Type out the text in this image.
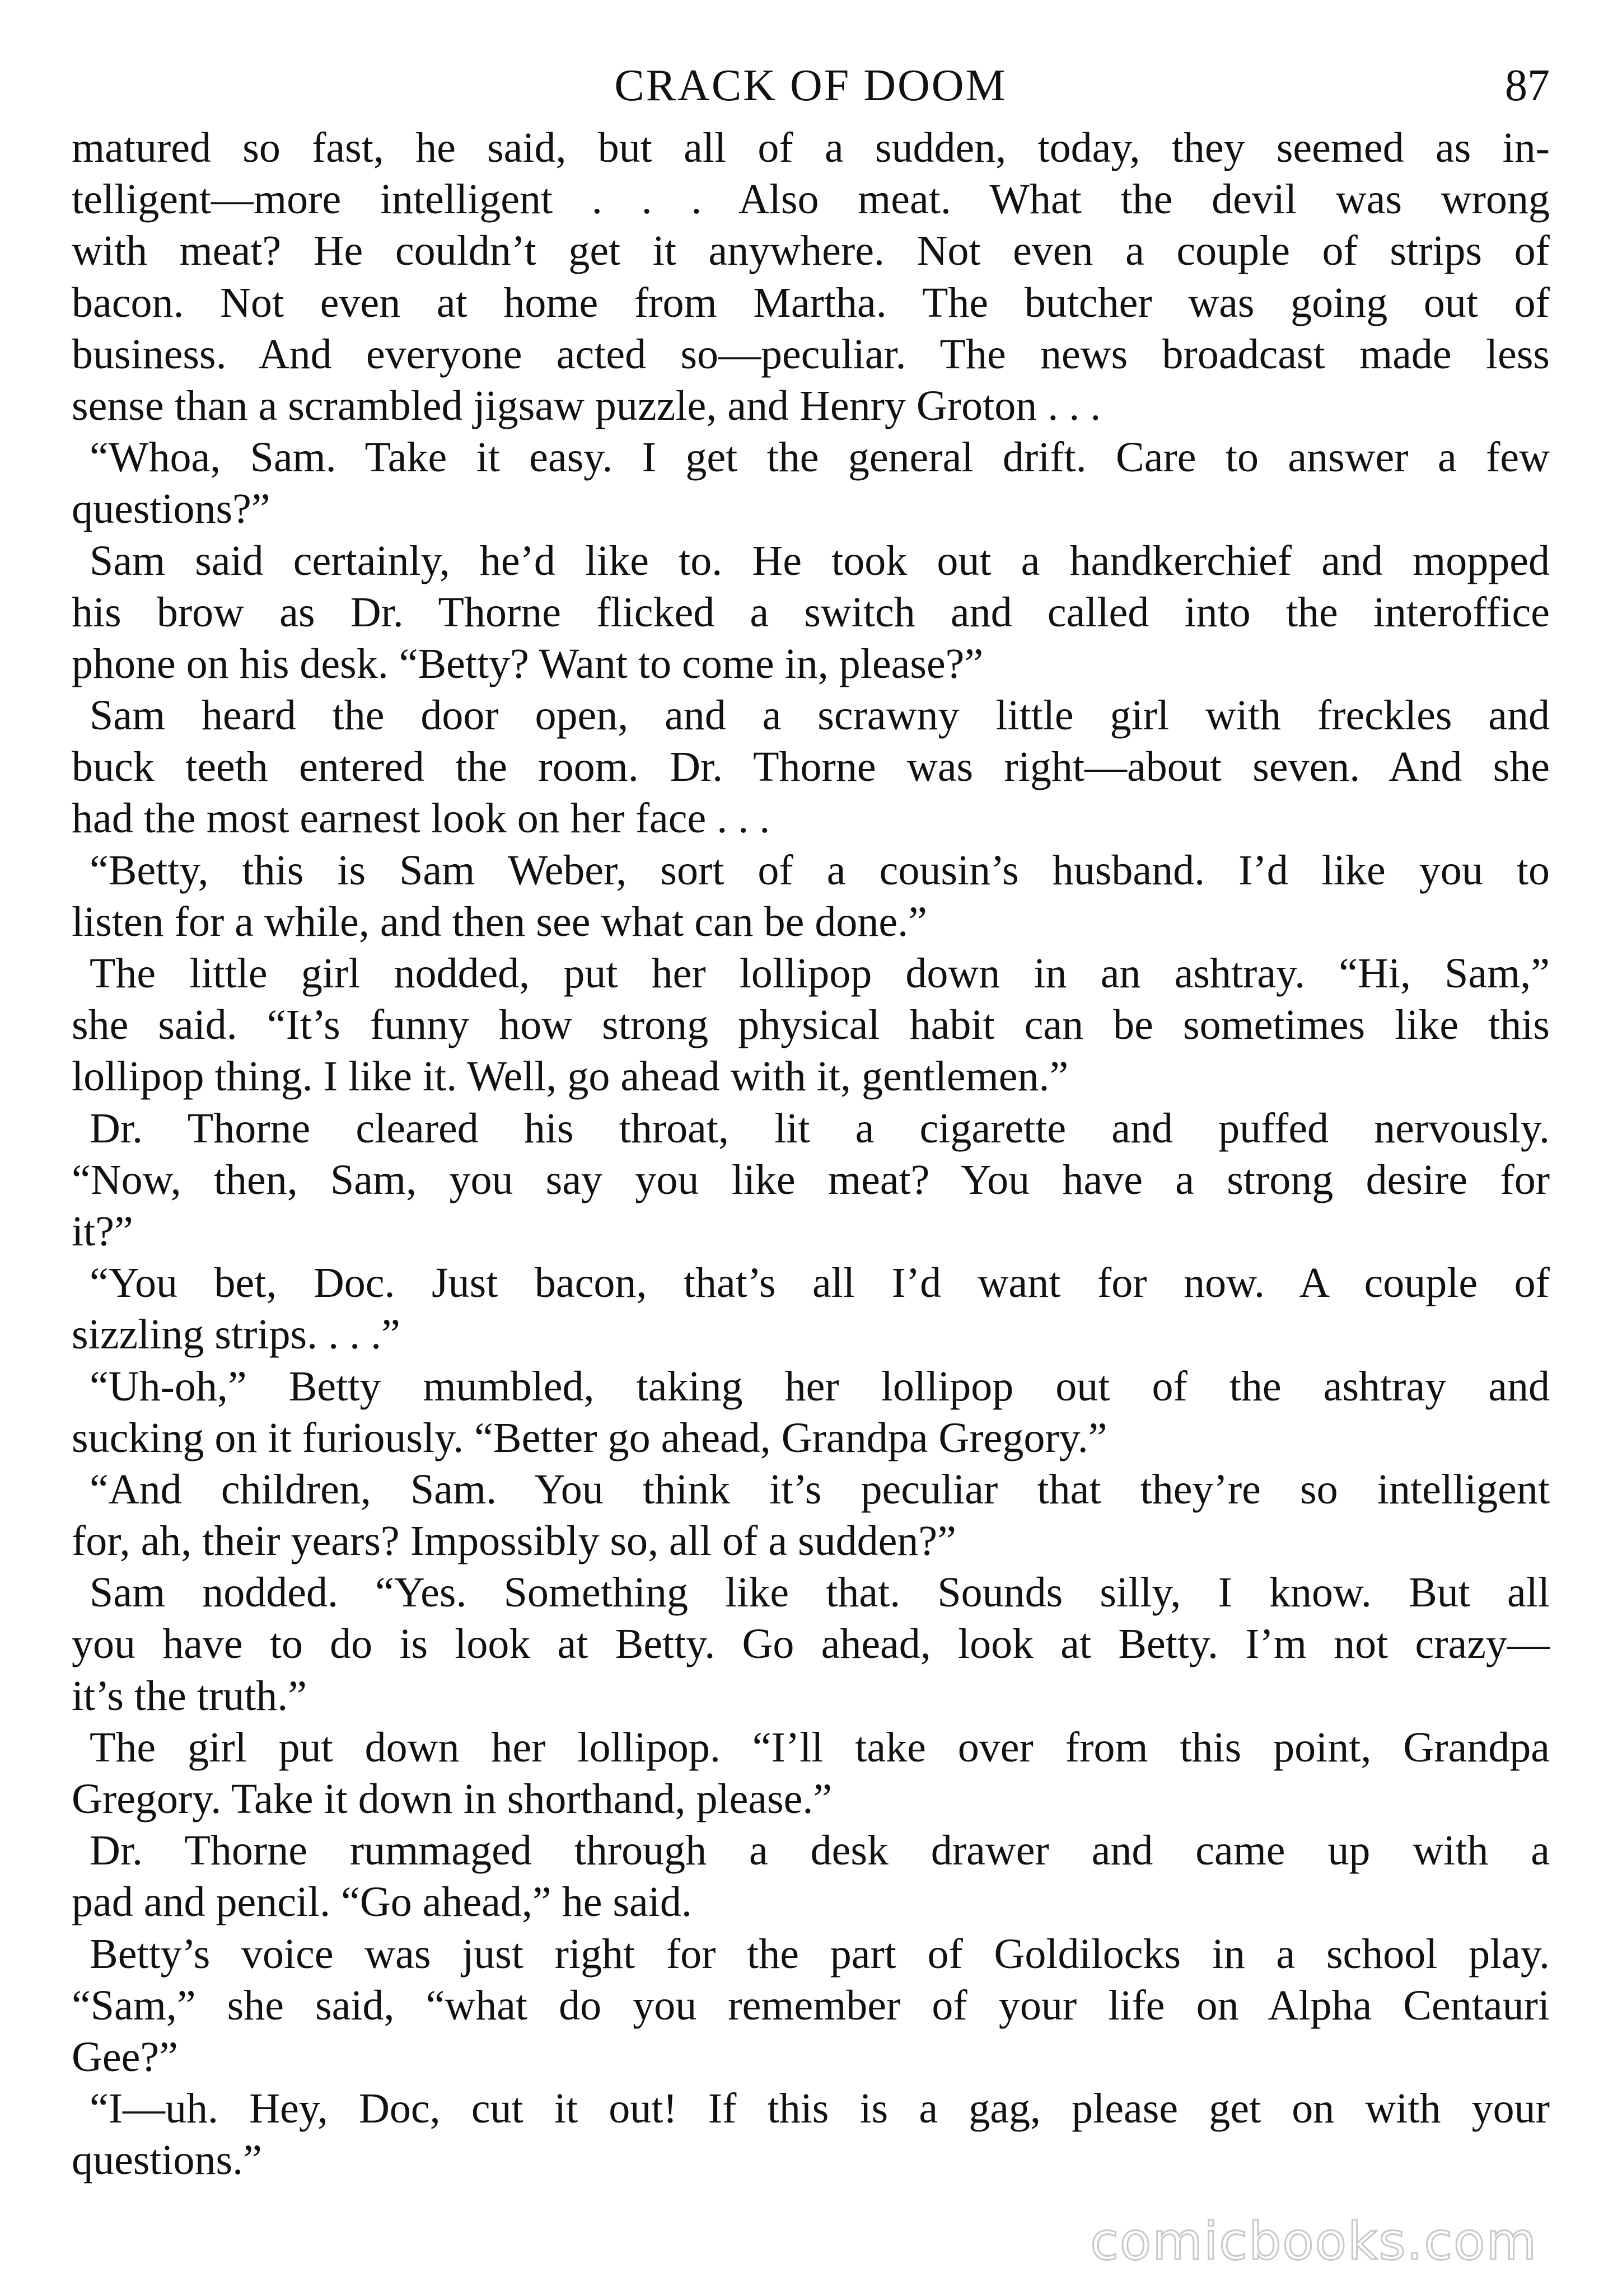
CRACK OF DOOM	87
matured so fast, he said, but all of a sudden, today, they seemed as in-
telligent—more intelligent . . . Also meat. What the devil was wrong
with meat? He couldn’t get it anywhere. Not even a couple of strips of
bacon. Not even at home from Martha. The butcher was going out of
business. And everyone acted so—peculiar. The news broadcast made less
sense than a scrambled jigsaw puzzle, and Henry Groton . . .
“Whoa, Sam. Take it easy. I get the general drift. Care to answer a few
questions?”
Sam said certainly, he’d like to. He took out a handkerchief and mopped
his brow as Dr. Thorne flicked a switch and called into the interoffice
phone on his desk. “Betty? Want to come in, please?”
Sam heard the door open, and a scrawny little girl with freckles and
buck teeth entered the room. Dr. Thorne was right—about seven. And she
had the most earnest look on her face . . .
“Betty, this is Sam Weber, sort of a cousin’s husband. I’d like you to
listen for a while, and then see what can be done.”
The little girl nodded, put her lollipop down in an ashtray. “Hi, Sam,”
she said. “It’s funny how strong physical habit can be sometimes like this
lollipop thing. I like it. Well, go ahead with it, gentlemen.”
Dr. Thorne cleared his throat, lit a cigarette and puffed nervously.
“Now, then, Sam, you say you like meat? You have a strong desire for
it?”
“You bet, Doc. Just bacon, that’s all I’d want for now. A couple of
sizzling strips. . . .”
“Uh-oh,” Betty mumbled, taking her lollipop out of the ashtray and
sucking on it furiously. “Better go ahead, Grandpa Gregory.”
“And children, Sam. You think it’s peculiar that they’re so intelligent
for, ah, their years? Impossibly so, all of a sudden?”
Sam nodded. “Yes. Something like that. Sounds silly, I know. But all
you have to do is look at Betty. Go ahead, look at Betty. I’m not crazy—
it’s the truth.”
The girl put down her lollipop. “I’ll take over from this point, Grandpa
Gregory. Take it down in shorthand, please.”
Dr. Thorne rummaged through a desk drawer and came up with a
pad and pencil. “Go ahead,” he said.
Betty’s voice was just right for the part of Goldilocks in a school play.
“Sam,” she said, “what do you remember of your life on Alpha Centauri
Gee?”
“I—uh. Hey, Doc, cut it out! If this is a gag, please get on with your
questions.”
comicbooks.com
